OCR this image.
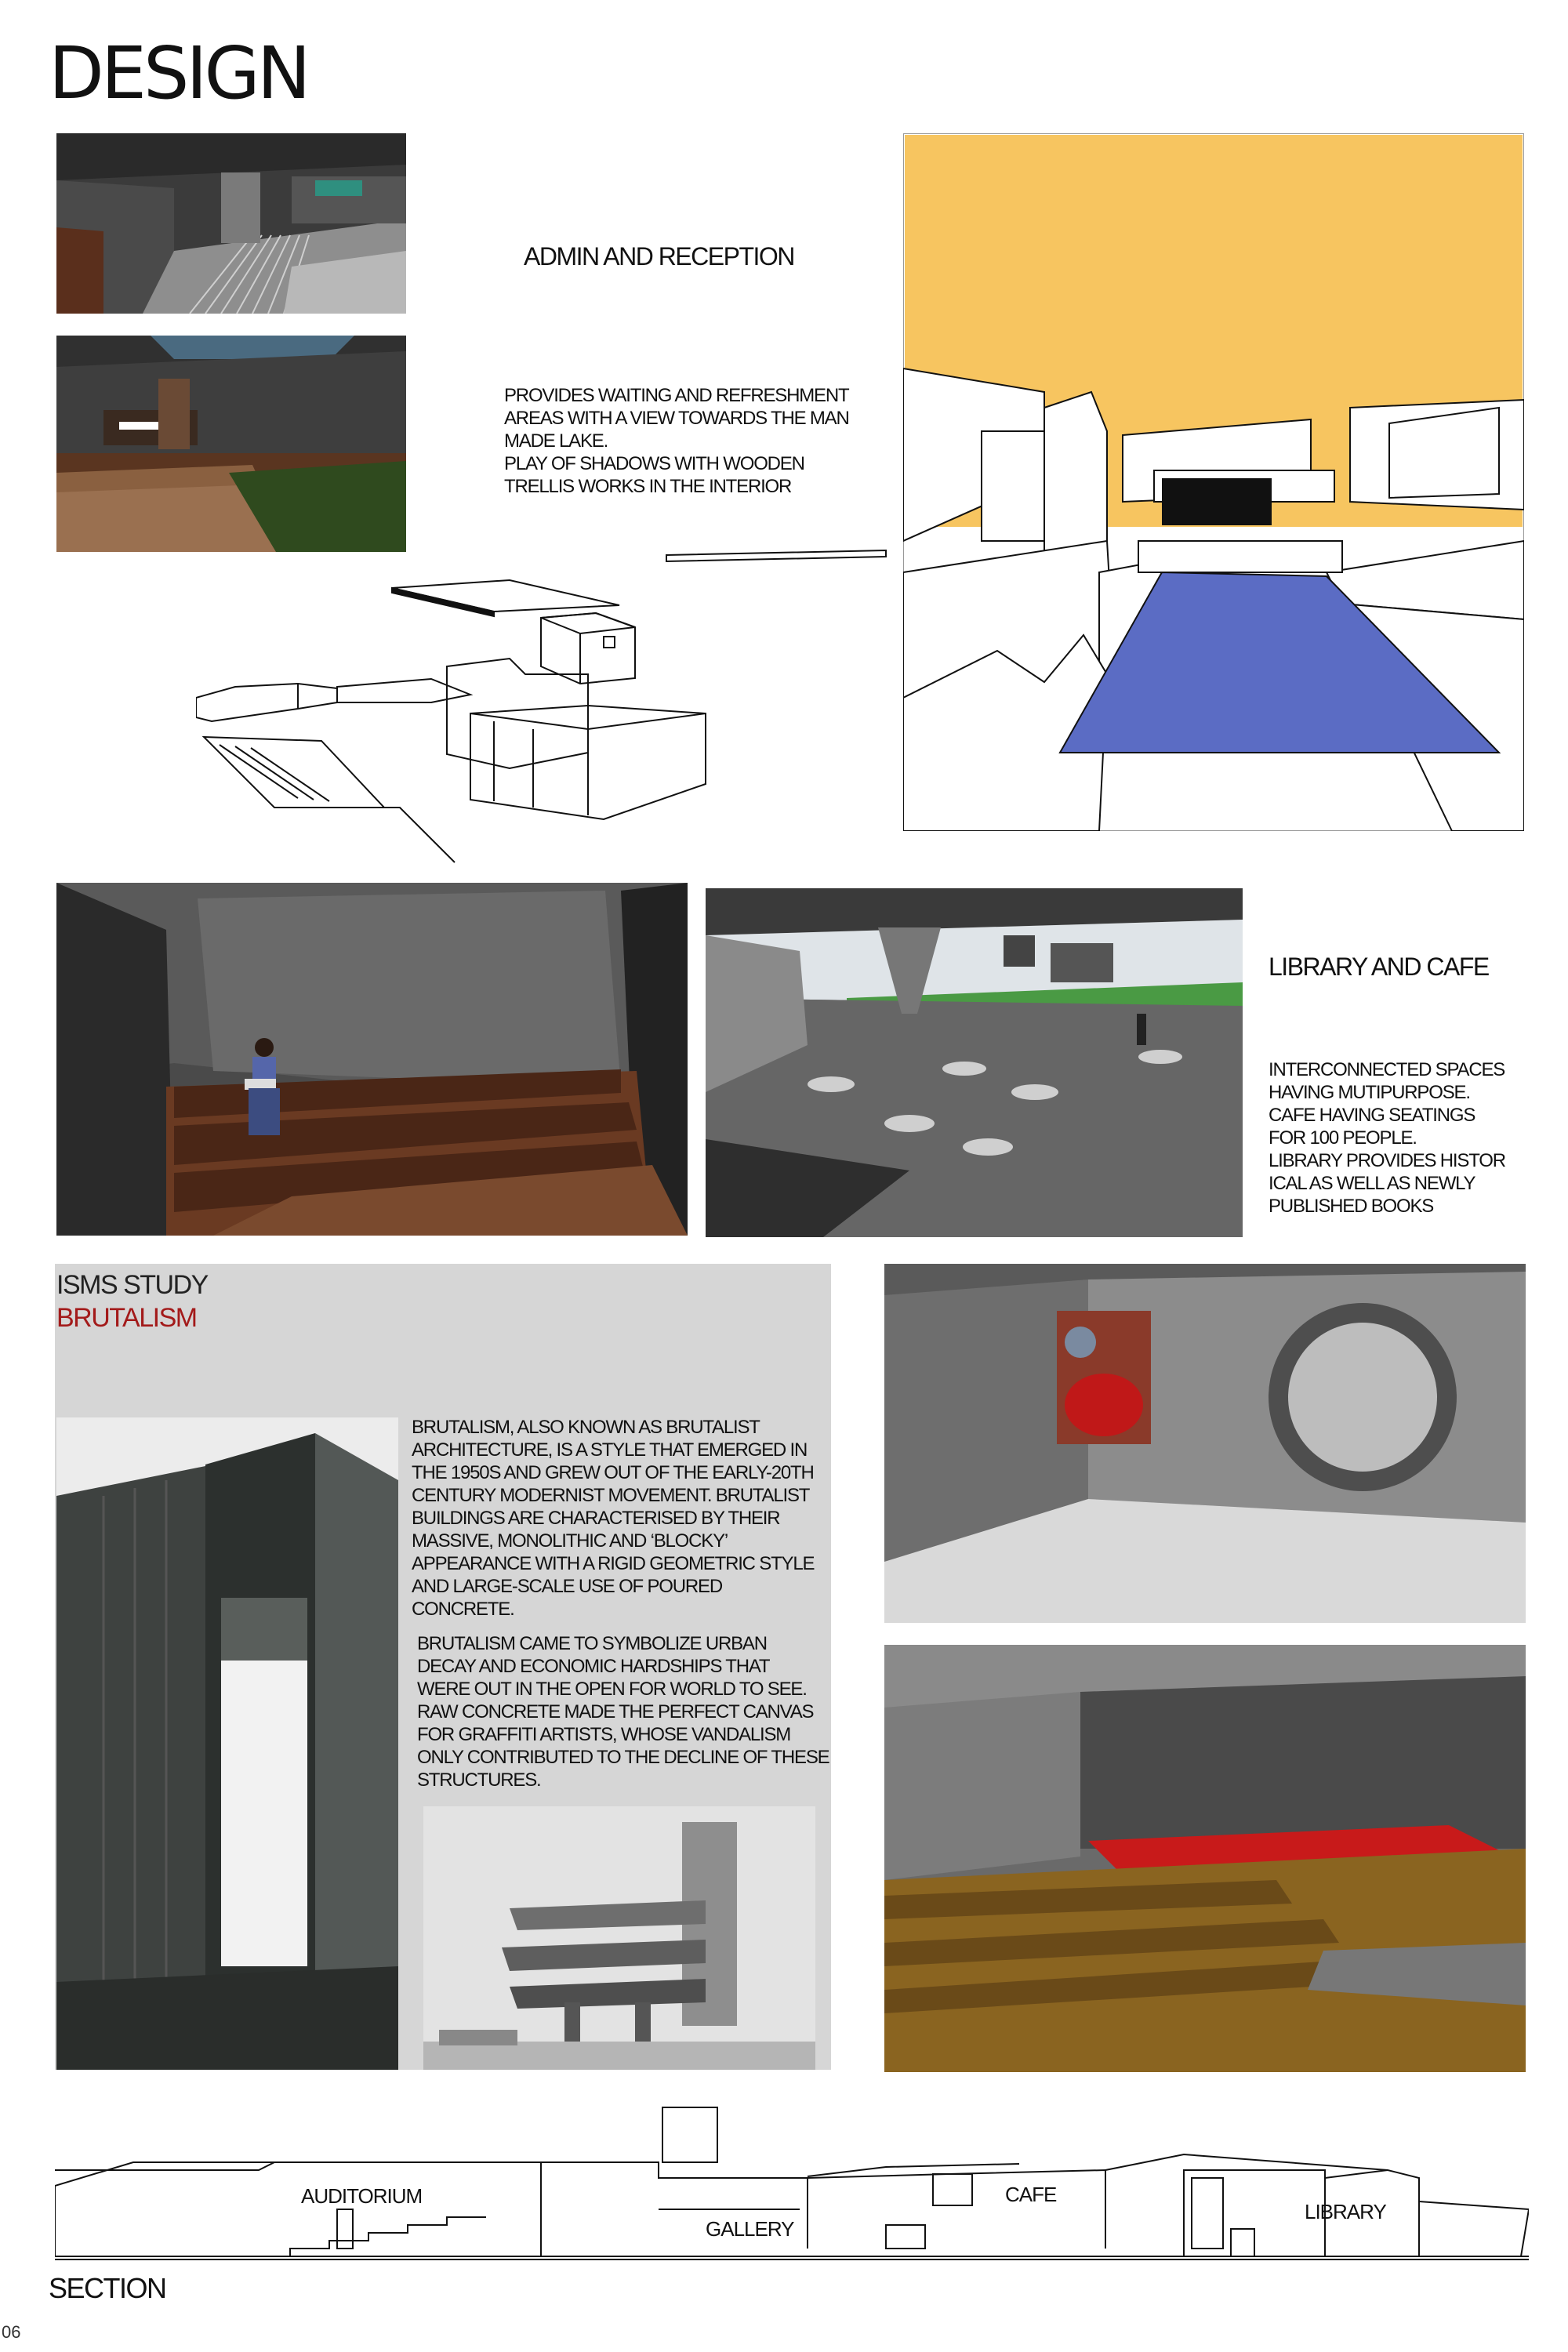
DESIGN
ADMIN AND RECEPTION

PROVIDES WAITING AND REFRESHMENT
AREAS WITH A VIEW TOWARDS THE MAN
MADE LAKE.
PLAY OF SHADOWS WITH WOODEN
TRELLIS WORKS IN THE INTERIOR

LIBRARY AND CAFE

INTERCONNECTED SPACES
HAVING MUTIPURPOSE.
CAFE HAVING SEATINGS
FOR 100 PEOPLE.
LIBRARY PROVIDES HISTOR
ICAL AS WELL AS NEWLY
PUBLISHED BOOKS

ISMS STUDY
BRUTALISM

BRUTALISM, ALSO KNOWN AS BRUTALIST
ARCHITECTURE, IS A STYLE THAT EMERGED IN
THE 1950S AND GREW OUT OF THE EARLY-20TH
CENTURY MODERNIST MOVEMENT. BRUTALIST
BUILDINGS ARE CHARACTERISED BY THEIR
MASSIVE, MONOLITHIC AND ‘BLOCKY’
APPEARANCE WITH A RIGID GEOMETRIC STYLE
AND LARGE-SCALE USE OF POURED
CONCRETE.

BRUTALISM CAME TO SYMBOLIZE URBAN
DECAY AND ECONOMIC HARDSHIPS THAT
WERE OUT IN THE OPEN FOR WORLD TO SEE.
RAW CONCRETE MADE THE PERFECT CANVAS
FOR GRAFFITI ARTISTS, WHOSE VANDALISM
ONLY CONTRIBUTED TO THE DECLINE OF THESE
STRUCTURES.

AUDITORIUM
GALLERY
CAFE
LIBRARY
SECTION
06
